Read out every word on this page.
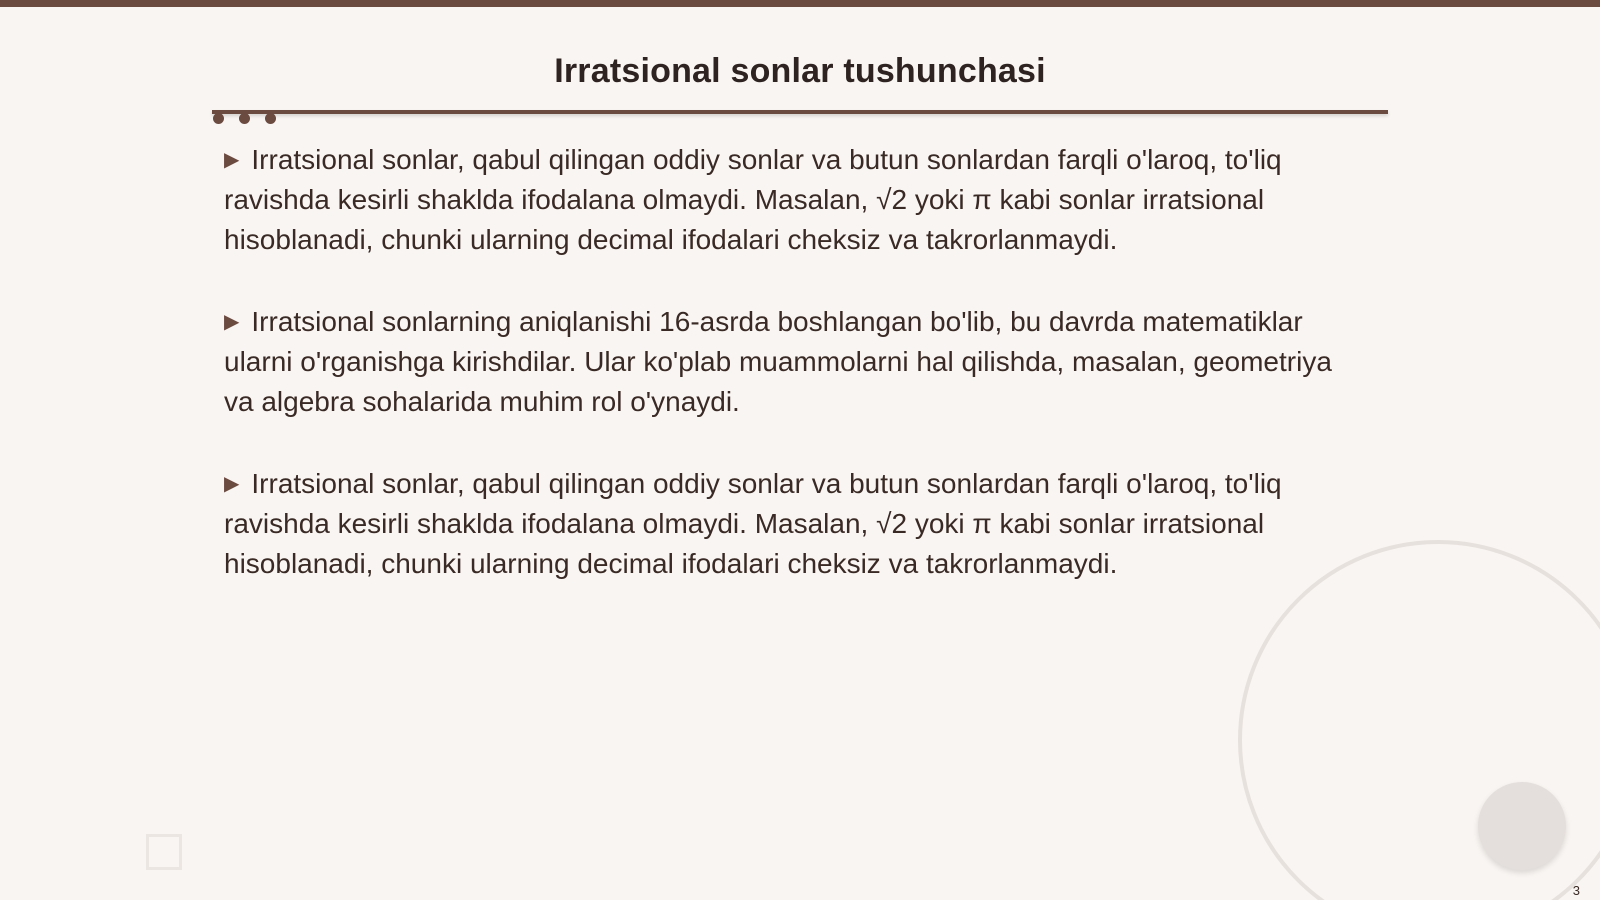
Irratsional sonlar tushunchasi

▶ Irratsional sonlar, qabul qilingan oddiy sonlar va butun sonlardan farqli o'laroq, to'liq ravishda kesirli shaklda ifodalana olmaydi. Masalan, √2 yoki π kabi sonlar irratsional hisoblanadi, chunki ularning decimal ifodalari cheksiz va takrorlanmaydi.

▶ Irratsional sonlarning aniqlanishi 16-asrda boshlangan bo'lib, bu davrda matematiklar ularni o'rganishga kirishdilar. Ular ko'plab muammolarni hal qilishda, masalan, geometriya va algebra sohalarida muhim rol o'ynaydi.

▶ Irratsional sonlar, qabul qilingan oddiy sonlar va butun sonlardan farqli o'laroq, to'liq ravishda kesirli shaklda ifodalana olmaydi. Masalan, √2 yoki π kabi sonlar irratsional hisoblanadi, chunki ularning decimal ifodalari cheksiz va takrorlanmaydi.

3
